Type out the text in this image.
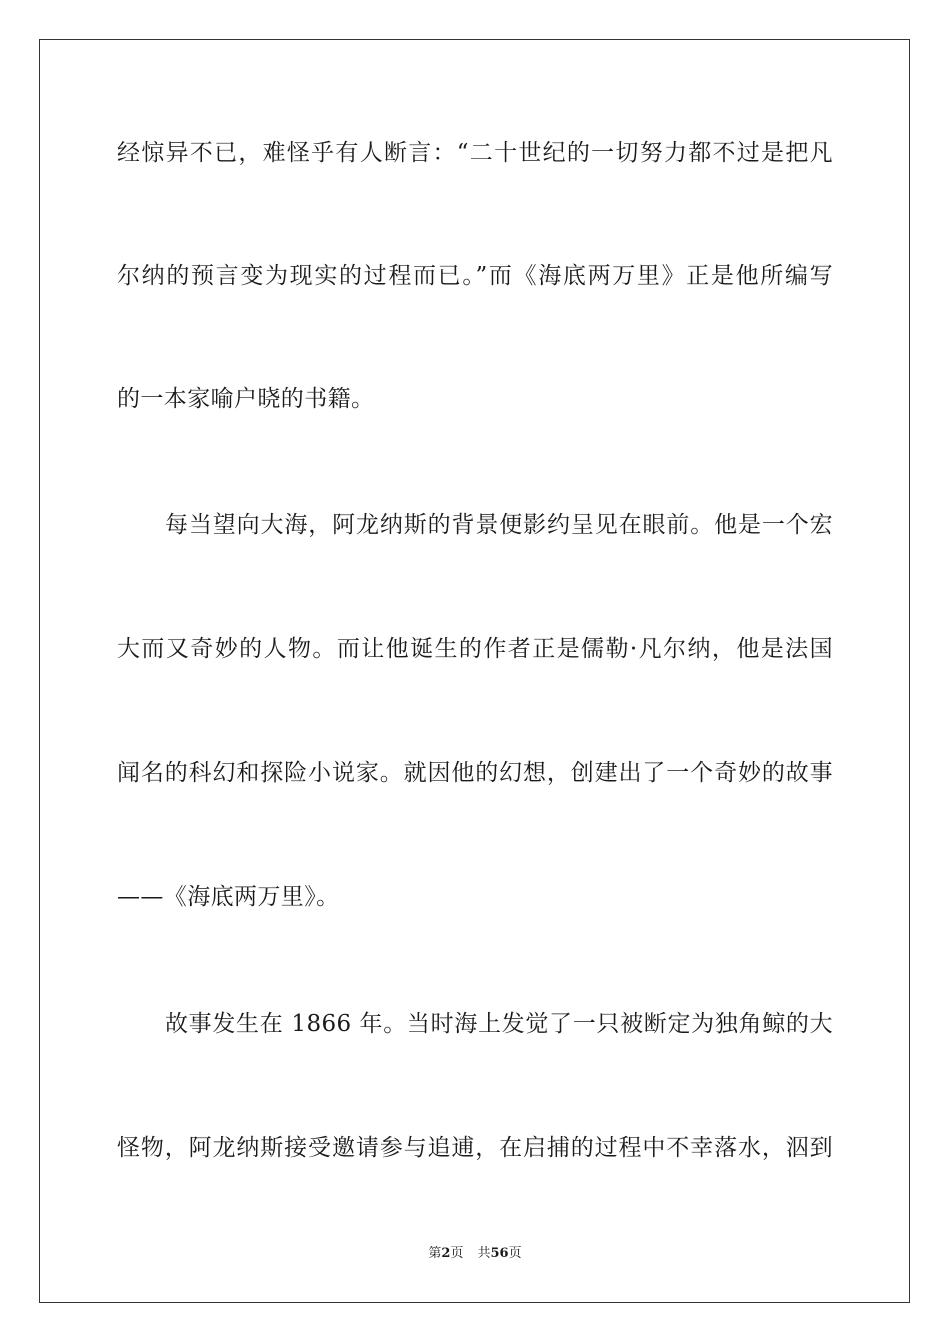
经惊异不已，难怪乎有人断言：“二十世纪的一切努力都不过是把凡
尔纳的预言变为现实的过程而已。”而《海底两万里》正是他所编写
的一本家喻户晓的书籍。
每当望向大海，阿龙纳斯的背景便影约呈见在眼前。他是一个宏
大而又奇妙的人物。而让他诞生的作者正是儒勒·凡尔纳，他是法国
闻名的科幻和探险小说家。就因他的幻想，创建出了一个奇妙的故事
——《海底两万里》。
故事发生在 1866 年。当时海上发觉了一只被断定为独角鲸的大
怪物，阿龙纳斯接受邀请参与追逋，在启捕的过程中不幸落水，泅到
第2页 共56页
